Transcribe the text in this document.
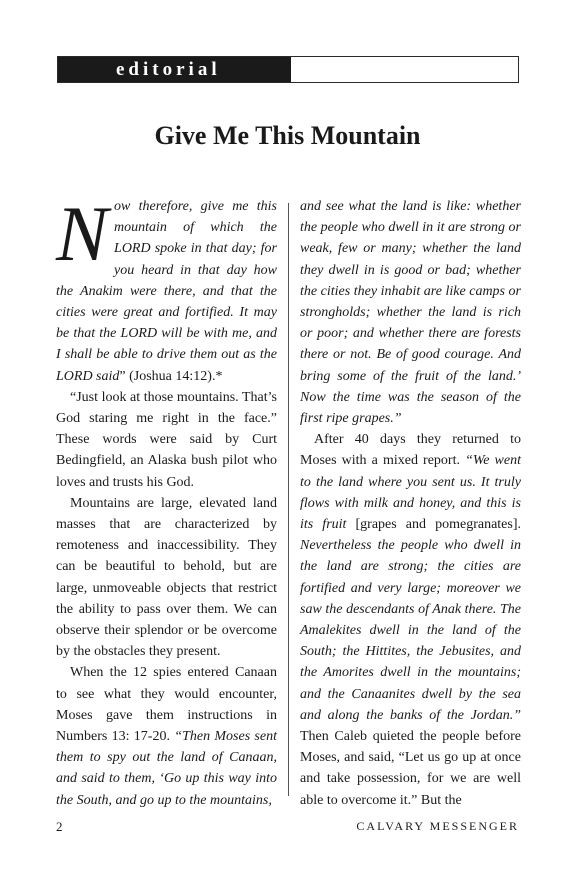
editorial
Give Me This Mountain

Now therefore, give me this mountain of which the LORD spoke in that day; for you heard in that day how the Anakim were there, and that the cities were great and fortified. It may be that the LORD will be with me, and I shall be able to drive them out as the LORD said” (Joshua 14:12).*

“Just look at those mountains. That’s God staring me right in the face.” These words were said by Curt Bedingfield, an Alaska bush pilot who loves and trusts his God.

Mountains are large, elevated land masses that are characterized by remoteness and inaccessibility. They can be beautiful to behold, but are large, unmoveable objects that restrict the ability to pass over them. We can observe their splendor or be overcome by the obstacles they present.

When the 12 spies entered Canaan to see what they would encounter, Moses gave them instructions in Numbers 13: 17-20. “Then Moses sent them to spy out the land of Canaan, and said to them, ‘Go up this way into the South, and go up to the mountains,

and see what the land is like: whether the people who dwell in it are strong or weak, few or many; whether the land they dwell in is good or bad; whether the cities they inhabit are like camps or strongholds; whether the land is rich or poor; and whether there are forests there or not. Be of good courage. And bring some of the fruit of the land.’ Now the time was the season of the first ripe grapes.”

After 40 days they returned to Moses with a mixed report. “We went to the land where you sent us. It truly flows with milk and honey, and this is its fruit [grapes and pomegranates]. Nevertheless the people who dwell in the land are strong; the cities are fortified and very large; moreover we saw the descendants of Anak there. The Amalekites dwell in the land of the South; the Hittites, the Jebusites, and the Amorites dwell in the mountains; and the Canaanites dwell by the sea and along the banks of the Jordan.” Then Caleb quieted the people before Moses, and said, “Let us go up at once and take possession, for we are well able to overcome it.” But the

2	CALVARY MESSENGER
